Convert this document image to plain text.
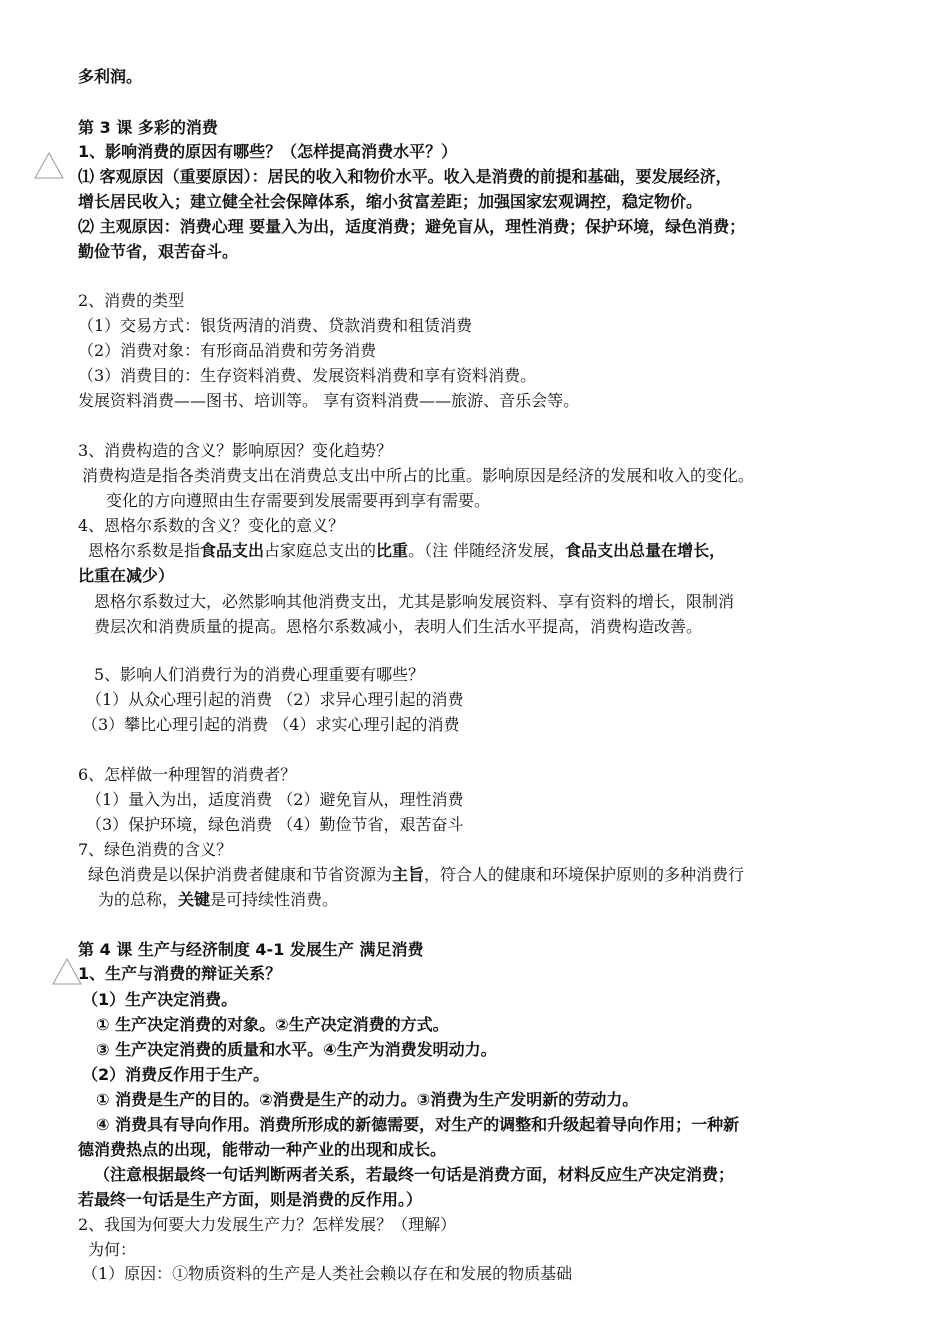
多利润。
第 3 课 多彩的消费
1、影响消费的原因有哪些？（怎样提高消费水平？）
⑴ 客观原因（重要原因）：居民的收入和物价水平。收入是消费的前提和基础，要发展经济，
增长居民收入；建立健全社会保障体系，缩小贫富差距；加强国家宏观调控，稳定物价。
⑵ 主观原因：消费心理 要量入为出，适度消费；避免盲从，理性消费；保护环境，绿色消费；
勤俭节省，艰苦奋斗。
2、消费的类型
（1）交易方式：银货两清的消费、贷款消费和租赁消费
（2）消费对象：有形商品消费和劳务消费
（3）消费目的：生存资料消费、发展资料消费和享有资料消费。
发展资料消费——图书、培训等。 享有资料消费——旅游、音乐会等。
3、消费构造的含义？影响原因？变化趋势？
消费构造是指各类消费支出在消费总支出中所占的比重。影响原因是经济的发展和收入的变化。
变化的方向遵照由生存需要到发展需要再到享有需要。
4、恩格尔系数的含义？变化的意义？
恩格尔系数是指食品支出占家庭总支出的比重。（注 伴随经济发展，食品支出总量在增长，
比重在减少）
恩格尔系数过大，必然影响其他消费支出，尤其是影响发展资料、享有资料的增长，限制消
费层次和消费质量的提高。恩格尔系数减小，表明人们生活水平提高，消费构造改善。
5、影响人们消费行为的消费心理重要有哪些？
（1）从众心理引起的消费 （2）求异心理引起的消费
（3）攀比心理引起的消费 （4）求实心理引起的消费
6、怎样做一种理智的消费者？
（1）量入为出，适度消费 （2）避免盲从，理性消费
（3）保护环境，绿色消费 （4）勤俭节省，艰苦奋斗
7、绿色消费的含义？
绿色消费是以保护消费者健康和节省资源为主旨，符合人的健康和环境保护原则的多种消费行
为的总称，关键是可持续性消费。
第 4 课 生产与经济制度 4-1 发展生产 满足消费
1、生产与消费的辩证关系？
（1）生产决定消费。
① 生产决定消费的对象。②生产决定消费的方式。
③ 生产决定消费的质量和水平。④生产为消费发明动力。
（2）消费反作用于生产。
① 消费是生产的目的。②消费是生产的动力。③消费为生产发明新的劳动力。
④ 消费具有导向作用。消费所形成的新德需要，对生产的调整和升级起着导向作用；一种新
德消费热点的出现，能带动一种产业的出现和成长。
（注意根据最终一句话判断两者关系，若最终一句话是消费方面，材料反应生产决定消费；
若最终一句话是生产方面，则是消费的反作用。）
2、我国为何要大力发展生产力？怎样发展？（理解）
为何：
（1）原因：①物质资料的生产是人类社会赖以存在和发展的物质基础
